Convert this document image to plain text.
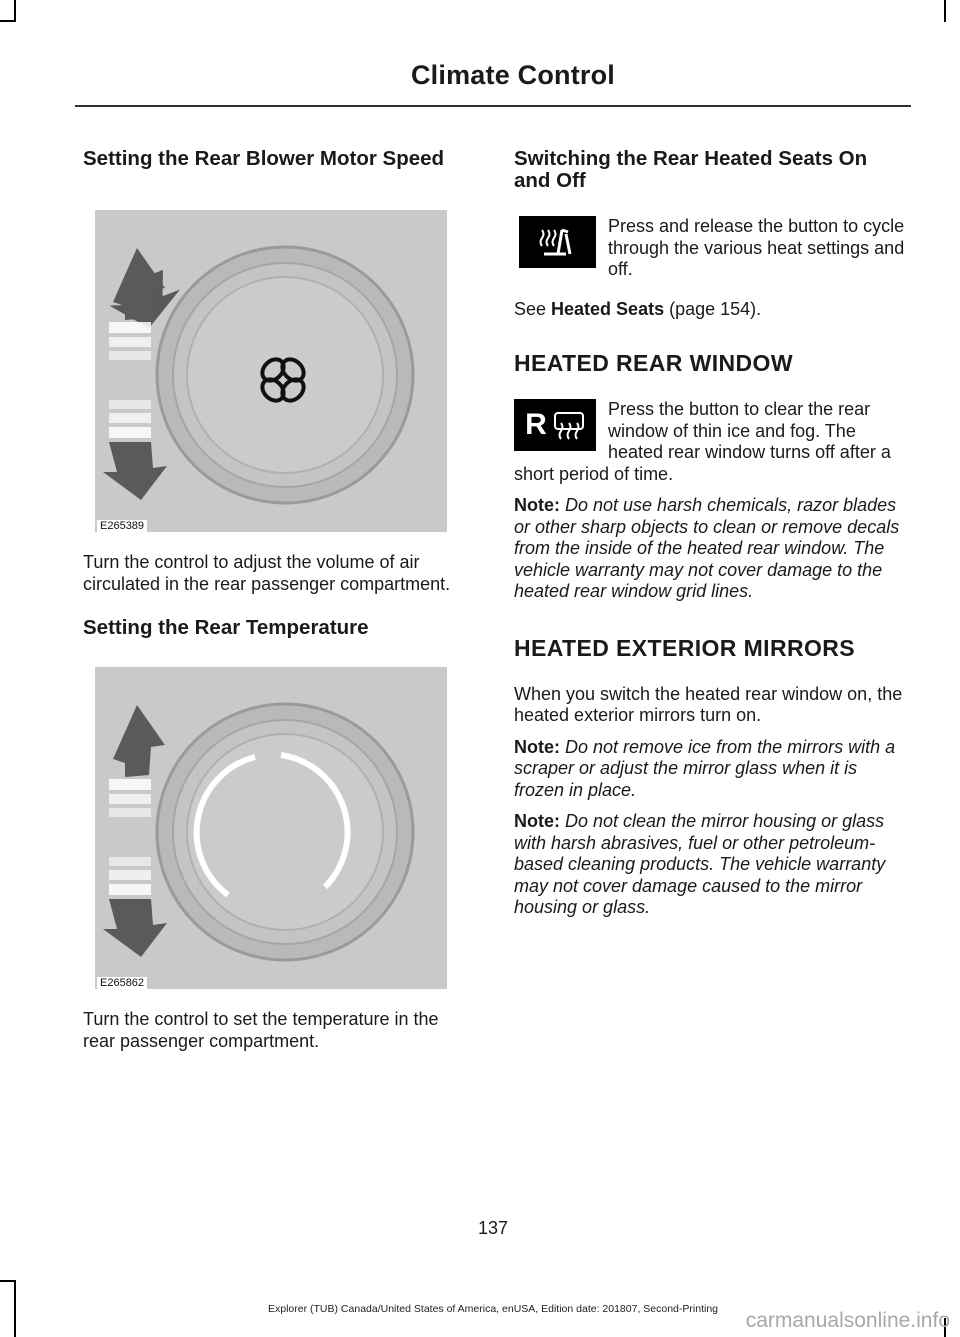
Climate Control
Setting the Rear Blower Motor Speed
E265389

Turn the control to adjust the volume of air circulated in the rear passenger compartment.

Setting the Rear Temperature
E265862

Turn the control to set the temperature in the rear passenger compartment.

Switching the Rear Heated Seats On and Off

Press and release the button to cycle through the various heat settings and off.

See Heated Seats (page 154).

HEATED REAR WINDOW
R	Press the button to clear the rear window of thin ice and fog. The heated rear window turns off after a short period of time.

Note: Do not use harsh chemicals, razor blades or other sharp objects to clean or remove decals from the inside of the heated rear window. The vehicle warranty may not cover damage to the heated rear window grid lines.

HEATED EXTERIOR MIRRORS

When you switch the heated rear window on, the heated exterior mirrors turn on.

Note: Do not remove ice from the mirrors with a scraper or adjust the mirror glass when it is frozen in place.

Note: Do not clean the mirror housing or glass with harsh abrasives, fuel or other petroleum-based cleaning products. The vehicle warranty may not cover damage caused to the mirror housing or glass.

137
Explorer (TUB) Canada/United States of America, enUSA, Edition date: 201807, Second-Printing	carmanualsonline.info
